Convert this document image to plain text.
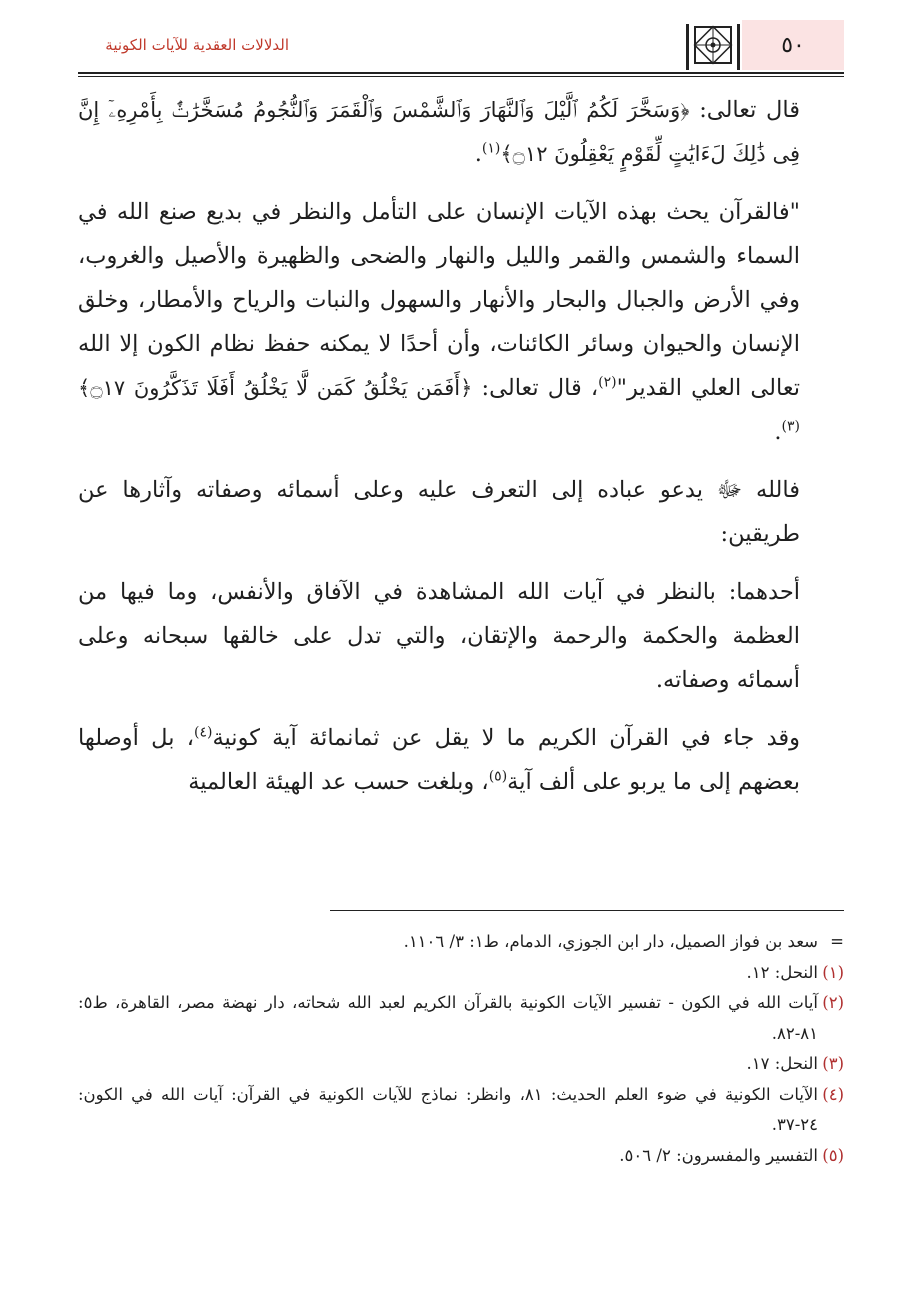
٥٠
الدلالات العقدية للآيات الكونية

قال تعالى: ﴿وَسَخَّرَ لَكُمُ ٱلَّيْلَ وَٱلنَّهَارَ وَٱلشَّمْسَ وَٱلْقَمَرَ وَٱلنُّجُومُ مُسَخَّرَٰتٌۢ بِأَمْرِهِۦٓ إِنَّ فِى ذَٰلِكَ لَءَايَٰتٍ لِّقَوْمٍ يَعْقِلُونَ ۝١٢﴾$^{(١)}$.

"فالقرآن يحث بهذه الآيات الإنسان على التأمل والنظر في بديع صنع الله في السماء والشمس والقمر والليل والنهار والضحى والظهيرة والأصيل والغروب، وفي الأرض والجبال والبحار والأنهار والسهول والنبات والرياح والأمطار، وخلق الإنسان والحيوان وسائر الكائنات، وأن أحدًا لا يمكنه حفظ نظام الكون إلا الله تعالى العلي القدير"$^{(٢)}$، قال تعالى: ﴿أَفَمَن يَخْلُقُ كَمَن لَّا يَخْلُقُ أَفَلَا تَذَكَّرُونَ ۝١٧﴾$^{(٣)}$.

فالله ﷻ يدعو عباده إلى التعرف عليه وعلى أسمائه وصفاته وآثارها عن طريقين:

أحدهما: بالنظر في آيات الله المشاهدة في الآفاق والأنفس، وما فيها من العظمة والحكمة والرحمة والإتقان، والتي تدل على خالقها سبحانه وعلى أسمائه وصفاته.

وقد جاء في القرآن الكريم ما لا يقل عن ثمانمائة آية كونية$^{(٤)}$، بل أوصلها بعضهم إلى ما يربو على ألف آية$^{(٥)}$، وبلغت حسب عد الهيئة العالمية

=
سعد بن فواز الصميل، دار ابن الجوزي، الدمام، ط١: ٣/ ١١٠٦.
(١)
النحل: ١٢.
(٢)
آيات الله في الكون - تفسير الآيات الكونية بالقرآن الكريم لعبد الله شحاته، دار نهضة مصر، القاهرة، ط٥: ٨١-٨٢.
(٣)
النحل: ١٧.
(٤)
الآيات الكونية في ضوء العلم الحديث: ٨١، وانظر: نماذج للآيات الكونية في القرآن: آيات الله في الكون: ٢٤-٣٧.
(٥)
التفسير والمفسرون: ٢/ ٥٠٦.
